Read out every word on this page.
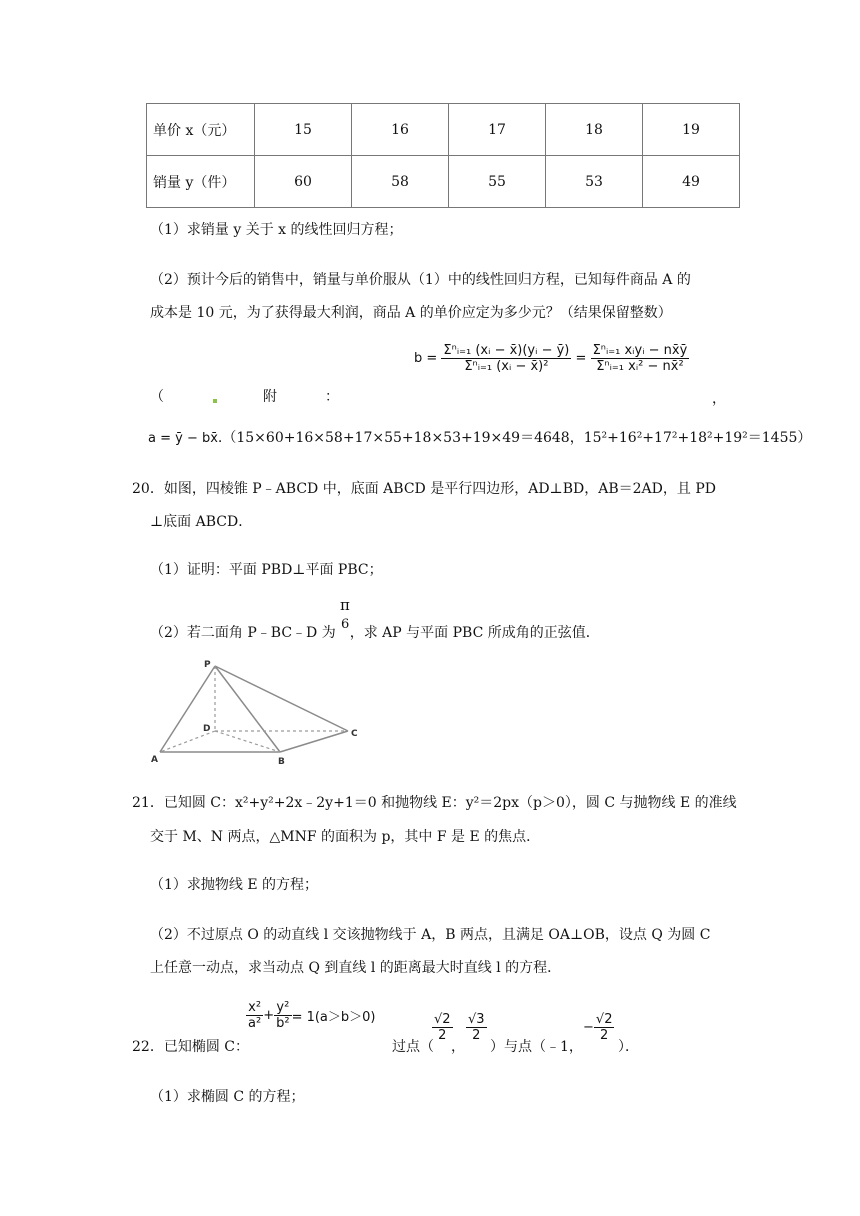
单价 x（元）	15	16	17	18	19
销量 y（件）	60	58	55	53	49
（1）求销量 y 关于 x 的线性回归方程；
（2）预计今后的销售中，销量与单价服从（1）中的线性回归方程，已知每件商品 A 的
成本是 10 元，为了获得最大利润，商品 A 的单价应定为多少元？（结果保留整数）
（	附	：
$b = \frac{\text{Σⁿᵢ₌₁ (xᵢ − x̄)(yᵢ − ȳ)}}{\text{Σⁿᵢ₌₁ (xᵢ − x̄)²}} = \frac{\text{Σⁿᵢ₌₁ xᵢyᵢ − nx̄ȳ}}{\text{Σⁿᵢ₌₁ xᵢ² − nx̄²}}$
，
a = ȳ − bx̄.（15×60+16×58+17×55+18×53+19×49＝4648，15²+16²+17²+18²+19²＝1455）
20．如图，四棱锥 P﹣ABCD 中，底面 ABCD 是平行四边形，AD⊥BD，AB＝2AD，且 PD
⊥底面 ABCD．
（1）证明：平面 PBD⊥平面 PBC；
（2）若二面角 P﹣BC﹣D 为 ，求 AP 与平面 PBC 所成角的正弦值．
π
6
P
D
A	B
C
21．已知圆 C：x²+y²+2x﹣2y+1＝0 和抛物线 E：y²＝2px（p＞0），圆 C 与抛物线 E 的准线
交于 M、N 两点，△MNF 的面积为 p，其中 F 是 E 的焦点．
（1）求抛物线 E 的方程；
（2）不过原点 O 的动直线 l 交该抛物线于 A，B 两点，且满足 OA⊥OB，设点 Q 为圆 C
上任意一动点，求当动点 Q 到直线 l 的距离最大时直线 l 的方程．
22．已知椭圆 C：
$\frac{\text{x²}}{\text{a²}} + \frac{\text{y²}}{\text{b²}} = 1(a>b>0)$
过点（
$\frac{√2}{2}$
，
$\frac{√3}{2}$
）与点（﹣1，
− $\frac{√2}{2}$
）．
（1）求椭圆 C 的方程；
